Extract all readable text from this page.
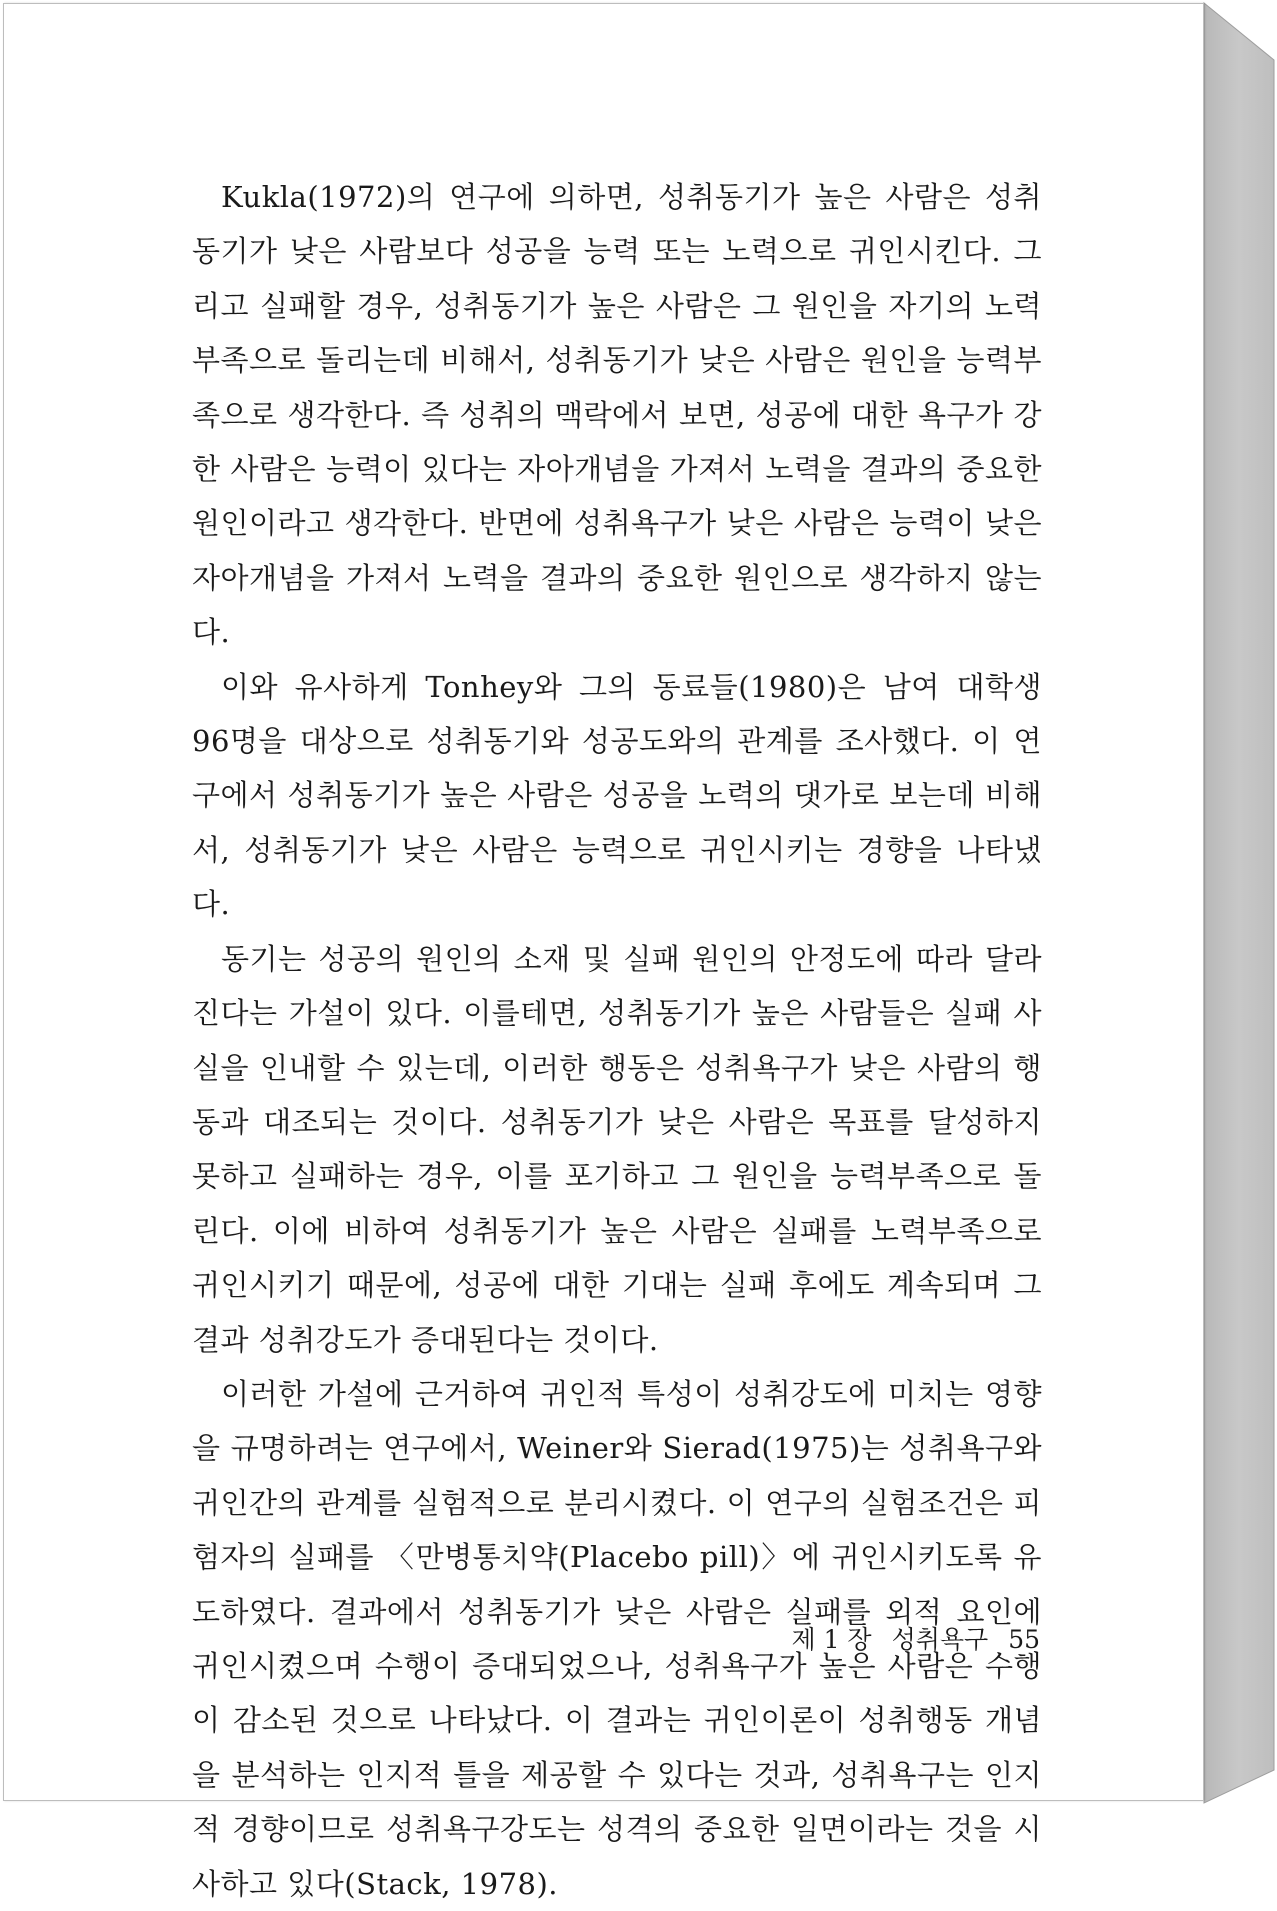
Kukla(1972)의 연구에 의하면, 성취동기가 높은 사람은 성취동기가 낮은 사람보다 성공을 능력 또는 노력으로 귀인시킨다. 그리고 실패할 경우, 성취동기가 높은 사람은 그 원인을 자기의 노력부족으로 돌리는데 비해서, 성취동기가 낮은 사람은 원인을 능력부족으로 생각한다. 즉 성취의 맥락에서 보면, 성공에 대한 욕구가 강한 사람은 능력이 있다는 자아개념을 가져서 노력을 결과의 중요한 원인이라고 생각한다. 반면에 성취욕구가 낮은 사람은 능력이 낮은 자아개념을 가져서 노력을 결과의 중요한 원인으로 생각하지 않는다.

이와 유사하게 Tonhey와 그의 동료들(1980)은 남여 대학생 96명을 대상으로 성취동기와 성공도와의 관계를 조사했다. 이 연구에서 성취동기가 높은 사람은 성공을 노력의 댓가로 보는데 비해서, 성취동기가 낮은 사람은 능력으로 귀인시키는 경향을 나타냈다.

동기는 성공의 원인의 소재 및 실패 원인의 안정도에 따라 달라진다는 가설이 있다. 이를테면, 성취동기가 높은 사람들은 실패 사실을 인내할 수 있는데, 이러한 행동은 성취욕구가 낮은 사람의 행동과 대조되는 것이다. 성취동기가 낮은 사람은 목표를 달성하지 못하고 실패하는 경우, 이를 포기하고 그 원인을 능력부족으로 돌린다. 이에 비하여 성취동기가 높은 사람은 실패를 노력부족으로 귀인시키기 때문에, 성공에 대한 기대는 실패 후에도 계속되며 그 결과 성취강도가 증대된다는 것이다.

이러한 가설에 근거하여 귀인적 특성이 성취강도에 미치는 영향을 규명하려는 연구에서, Weiner와 Sierad(1975)는 성취욕구와 귀인간의 관계를 실험적으로 분리시켰다. 이 연구의 실험조건은 피험자의 실패를 〈만병통치약(Placebo pill)〉에 귀인시키도록 유도하였다. 결과에서 성취동기가 낮은 사람은 실패를 외적 요인에 귀인시켰으며 수행이 증대되었으나, 성취욕구가 높은 사람은 수행이 감소된 것으로 나타났다. 이 결과는 귀인이론이 성취행동 개념을 분석하는 인지적 틀을 제공할 수 있다는 것과, 성취욕구는 인지적 경향이므로 성취욕구강도는 성격의 중요한 일면이라는 것을 시사하고 있다(Stack, 1978).

제 1 장 성취욕구 55
